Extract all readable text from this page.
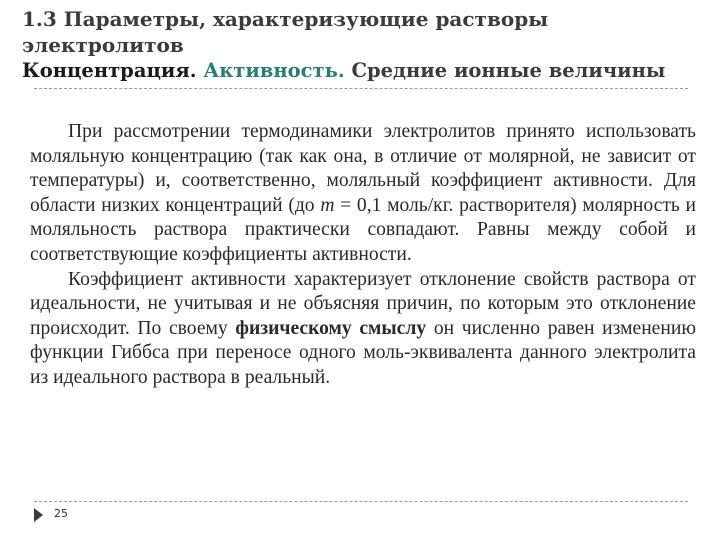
1.3 Параметры, характеризующие растворы
электролитов
Концентрация. Активность. Средние ионные величины

При рассмотрении термодинамики электролитов принято использовать моляльную концентрацию (так как она, в отличие от молярной, не зависит от температуры) и, соответственно, моляльный коэффициент активности. Для области низких концентраций (до m = 0,1 моль/кг. растворителя) молярность и моляльность раствора практически совпадают. Равны между собой и соответствующие коэффициенты активности.

Коэффициент активности характеризует отклонение свойств раствора от идеальности, не учитывая и не объясняя причин, по которым это отклонение происходит. По своему физическому смыслу он численно равен изменению функции Гиббса при переносе одного моль-эквивалента данного электролита из идеального раствора в реальный.

25
